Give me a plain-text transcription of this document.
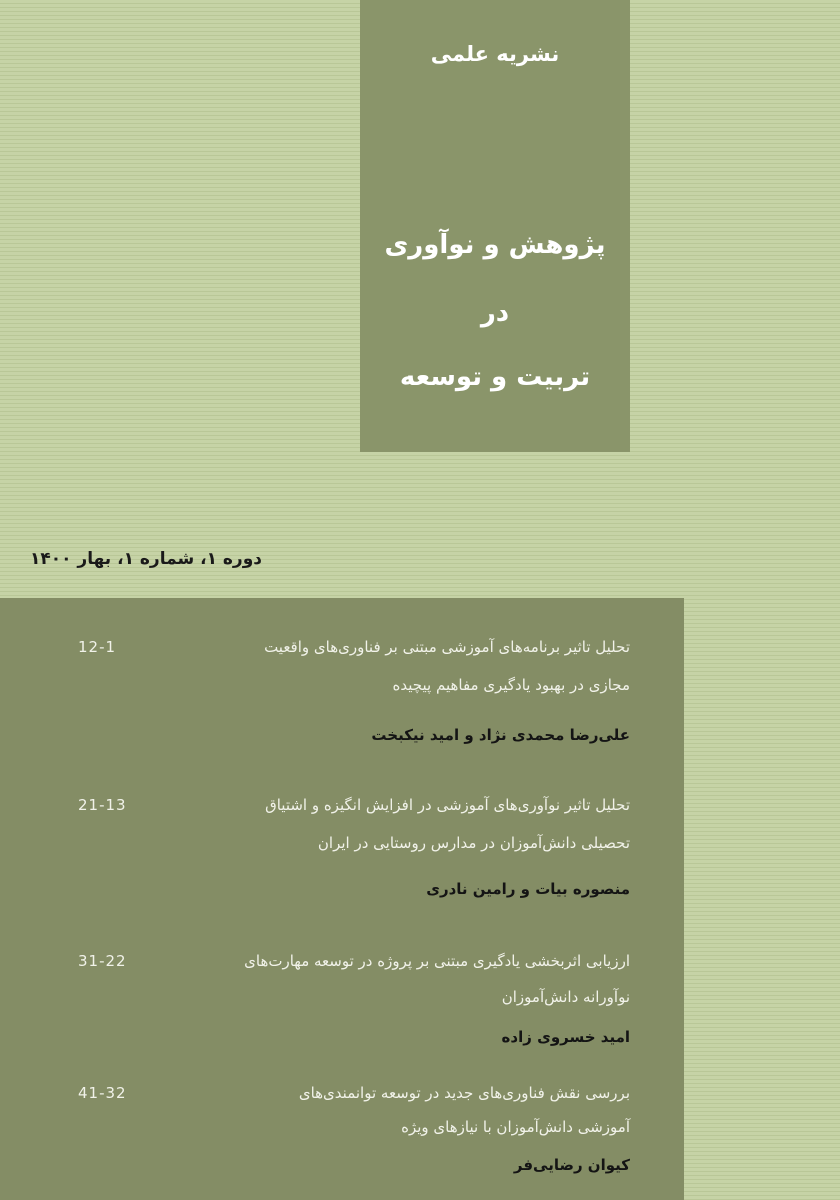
نشریه علمی
پژوهش و نوآوری
در
تربیت و توسعه
دوره ۱، شماره ۱، بهار ۱۴۰۰
12-1	تحلیل تاثیر برنامه‌های آموزشی مبتنی بر فناوری‌های واقعیت
مجازی در بهبود یادگیری مفاهیم پیچیده
علی‌رضا محمدی نژاد و امید نیکبخت
21-13	تحلیل تاثیر نوآوری‌های آموزشی در افزایش انگیزه و اشتیاق
تحصیلی دانش‌آموزان در مدارس روستایی در ایران
منصوره بیات و رامین نادری
31-22	ارزیابی اثربخشی یادگیری مبتنی بر پروژه در توسعه مهارت‌های
نوآورانه دانش‌آموزان
امید خسروی زاده
41-32	بررسی نقش فناوری‌های جدید در توسعه توانمندی‌های
آموزشی دانش‌آموزان با نیازهای ویژه
کیوان رضایی‌فر
